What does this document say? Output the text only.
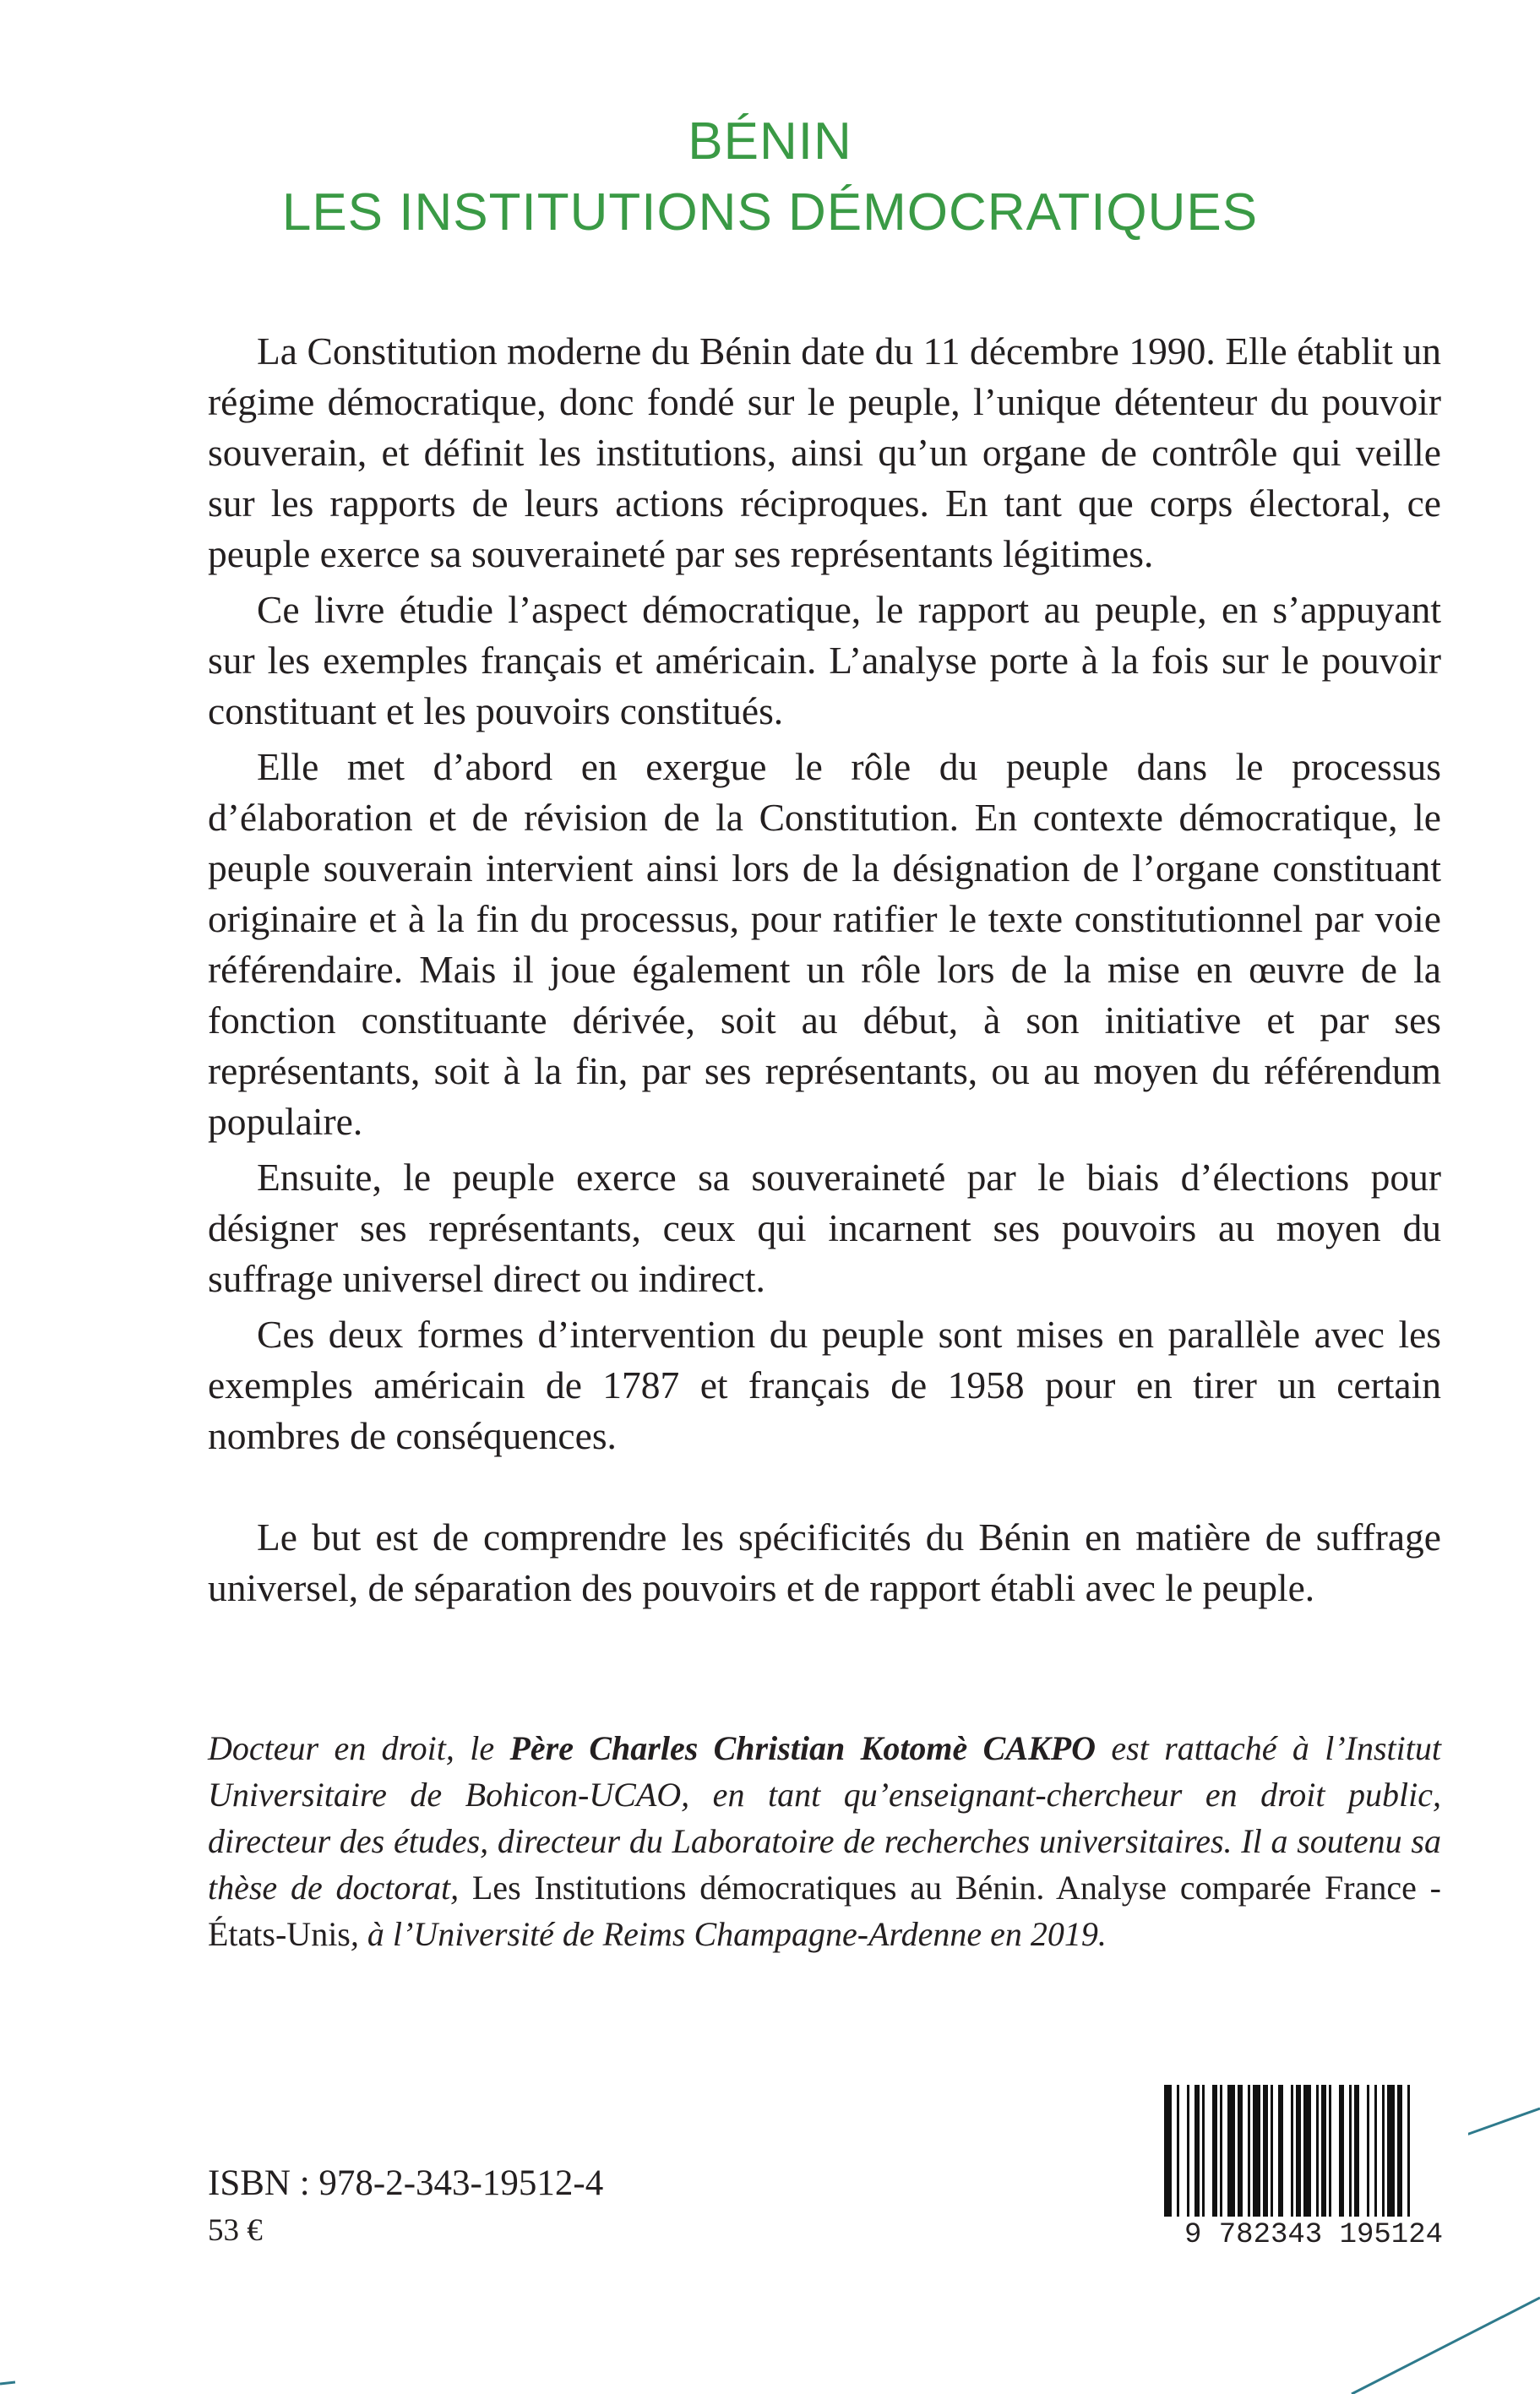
BÉNIN
LES INSTITUTIONS DÉMOCRATIQUES

La Constitution moderne du Bénin date du 11 décembre 1990. Elle établit un régime démocratique, donc fondé sur le peuple, l’unique détenteur du pouvoir souverain, et définit les institutions, ainsi qu’un organe de contrôle qui veille sur les rapports de leurs actions réciproques. En tant que corps électoral, ce peuple exerce sa souveraineté par ses représentants légitimes.

Ce livre étudie l’aspect démocratique, le rapport au peuple, en s’appuyant sur les exemples français et américain. L’analyse porte à la fois sur le pouvoir constituant et les pouvoirs constitués.

Elle met d’abord en exergue le rôle du peuple dans le processus d’élaboration et de révision de la Constitution. En contexte démocratique, le peuple souverain intervient ainsi lors de la désignation de l’organe constituant originaire et à la fin du processus, pour ratifier le texte constitutionnel par voie référendaire. Mais il joue également un rôle lors de la mise en œuvre de la fonction constituante dérivée, soit au début, à son initiative et par ses représentants, soit à la fin, par ses représentants, ou au moyen du référendum populaire.

Ensuite, le peuple exerce sa souveraineté par le biais d’élections pour désigner ses représentants, ceux qui incarnent ses pouvoirs au moyen du suffrage universel direct ou indirect.

Ces deux formes d’intervention du peuple sont mises en parallèle avec les exemples américain de 1787 et français de 1958 pour en tirer un certain nombres de conséquences.

Le but est de comprendre les spécificités du Bénin en matière de suffrage universel, de séparation des pouvoirs et de rapport établi avec le peuple.

Docteur en droit, le Père Charles Christian Kotomè CAKPO est rattaché à l’Institut Universitaire de Bohicon-UCAO, en tant qu’enseignant-chercheur en droit public, directeur des études, directeur du Laboratoire de recherches universitaires. Il a soutenu sa thèse de doctorat, Les Institutions démocratiques au Bénin. Analyse comparée France - États-Unis, à l’Université de Reims Champagne-Ardenne en 2019.
ISBN : 978-2-343-19512-4
53 €	9 782343 195124
